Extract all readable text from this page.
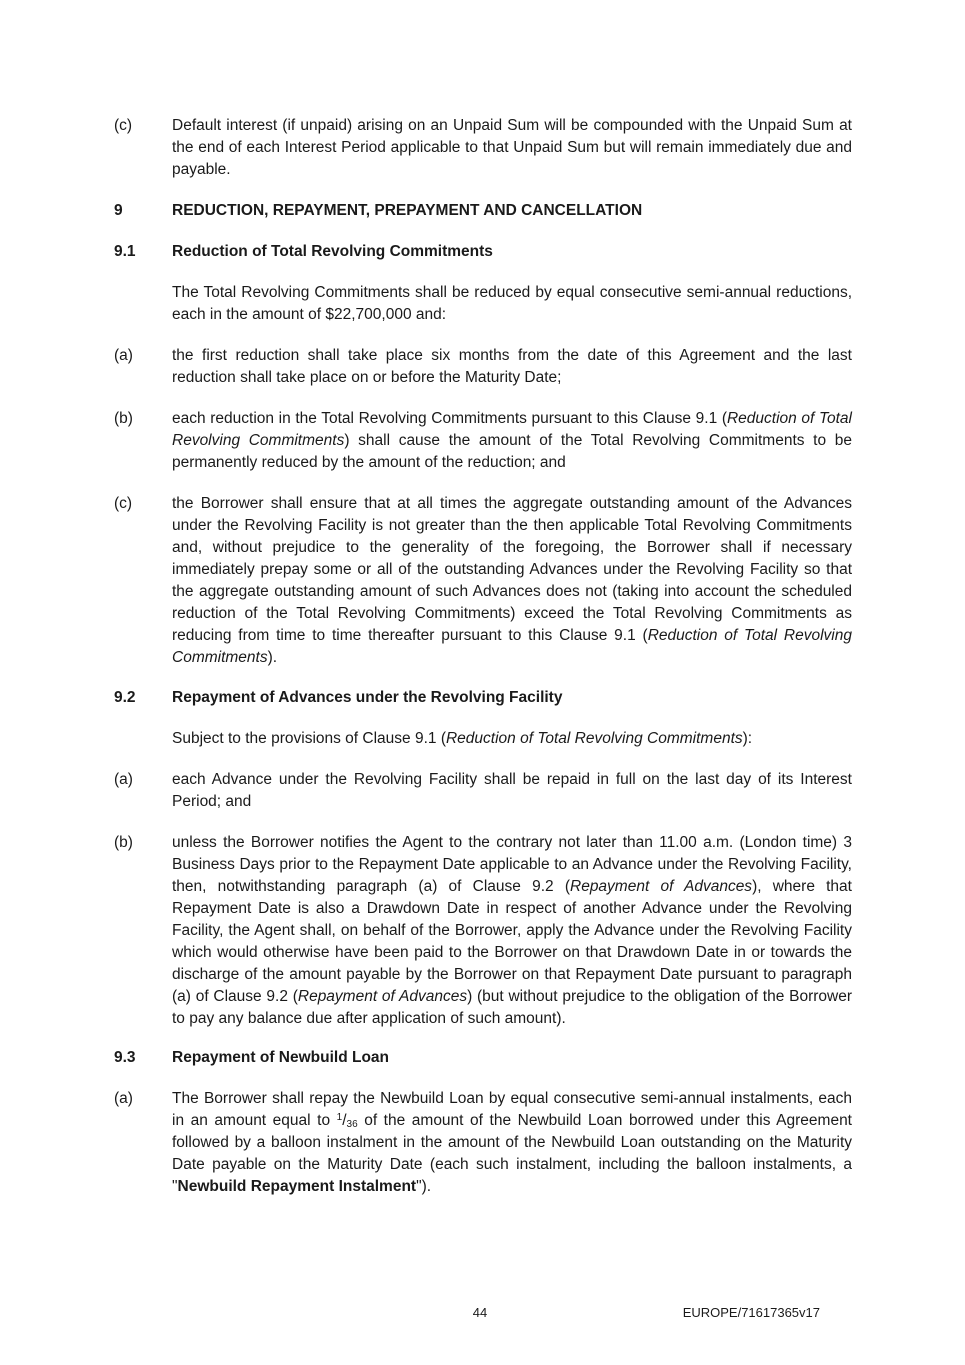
(c)	Default interest (if unpaid) arising on an Unpaid Sum will be compounded with the Unpaid Sum at the end of each Interest Period applicable to that Unpaid Sum but will remain immediately due and payable.
9	REDUCTION, REPAYMENT, PREPAYMENT AND CANCELLATION
9.1	Reduction of Total Revolving Commitments
The Total Revolving Commitments shall be reduced by equal consecutive semi-annual reductions, each in the amount of $22,700,000 and:
(a)	the first reduction shall take place six months from the date of this Agreement and the last reduction shall take place on or before the Maturity Date;
(b)	each reduction in the Total Revolving Commitments pursuant to this Clause 9.1 (Reduction of Total Revolving Commitments) shall cause the amount of the Total Revolving Commitments to be permanently reduced by the amount of the reduction; and
(c)	the Borrower shall ensure that at all times the aggregate outstanding amount of the Advances under the Revolving Facility is not greater than the then applicable Total Revolving Commitments and, without prejudice to the generality of the foregoing, the Borrower shall if necessary immediately prepay some or all of the outstanding Advances under the Revolving Facility so that the aggregate outstanding amount of such Advances does not (taking into account the scheduled reduction of the Total Revolving Commitments) exceed the Total Revolving Commitments as reducing from time to time thereafter pursuant to this Clause 9.1 (Reduction of Total Revolving Commitments).
9.2	Repayment of Advances under the Revolving Facility
Subject to the provisions of Clause 9.1 (Reduction of Total Revolving Commitments):
(a)	each Advance under the Revolving Facility shall be repaid in full on the last day of its Interest Period; and
(b)	unless the Borrower notifies the Agent to the contrary not later than 11.00 a.m. (London time) 3 Business Days prior to the Repayment Date applicable to an Advance under the Revolving Facility, then, notwithstanding paragraph (a) of Clause 9.2 (Repayment of Advances), where that Repayment Date is also a Drawdown Date in respect of another Advance under the Revolving Facility, the Agent shall, on behalf of the Borrower, apply the Advance under the Revolving Facility which would otherwise have been paid to the Borrower on that Drawdown Date in or towards the discharge of the amount payable by the Borrower on that Repayment Date pursuant to paragraph (a) of Clause 9.2 (Repayment of Advances) (but without prejudice to the obligation of the Borrower to pay any balance due after application of such amount).
9.3	Repayment of Newbuild Loan
(a)	The Borrower shall repay the Newbuild Loan by equal consecutive semi-annual instalments, each in an amount equal to $^1/_{36}$ of the amount of the Newbuild Loan borrowed under this Agreement followed by a balloon instalment in the amount of the Newbuild Loan outstanding on the Maturity Date payable on the Maturity Date (each such instalment, including the balloon instalments, a "Newbuild Repayment Instalment").
44	EUROPE/71617365v17
